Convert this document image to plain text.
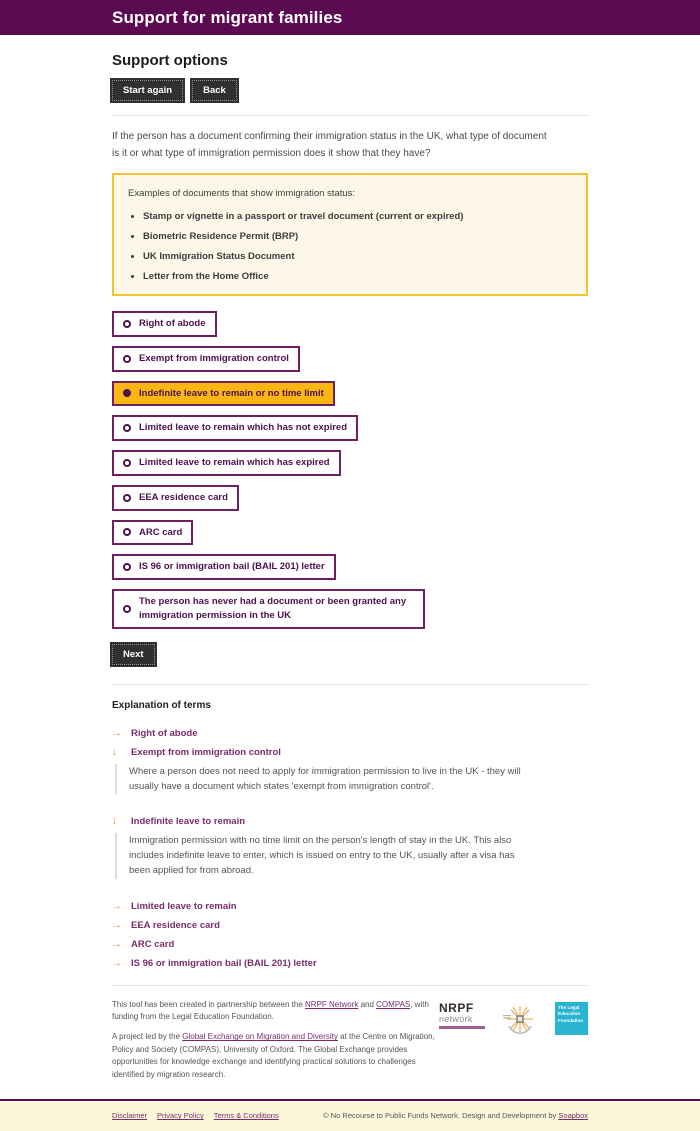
Support for migrant families
Support options
Start again	Back

If the person has a document confirming their immigration status in the UK, what type of document is it or what type of immigration permission does it show that they have?

Examples of documents that show immigration status:

• Stamp or vignette in a passport or travel document (current or expired)
• Biometric Residence Permit (BRP)
• UK Immigration Status Document
• Letter from the Home Office
Right of abode
Exempt from immigration control
Indefinite leave to remain or no time limit
Limited leave to remain which has not expired
Limited leave to remain which has expired
EEA residence card
ARC card
IS 96 or immigration bail (BAIL 201) letter
The person has never had a document or been granted any immigration permission in the UK
Next
Explanation of terms
→ Right of abode
↓	Exempt from immigration control
Where a person does not need to apply for immigration permission to live in the UK - they will usually have a document which states 'exempt from immigration control'.
↓	Indefinite leave to remain
Immigration permission with no time limit on the person's length of stay in the UK. This also includes indefinite leave to enter, which is issued on entry to the UK, usually after a visa has been applied for from abroad.
→ Limited leave to remain
→ EEA residence card
→ ARC card
→ IS 96 or immigration bail (BAIL 201) letter

This tool has been created in partnership between the NRPF Network and COMPAS, with funding from the Legal Education Foundation.

A project led by the Global Exchange on Migration and Diversity at the Centre on Migration, Policy and Society (COMPAS), University of Oxford. The Global Exchange provides opportunities for knowledge exchange and identifying practical solutions to challenges identified by migration research.

NRPF
network
The Legal Education Foundation
Disclaimer Privacy Policy Terms & Conditions	© No Recourse to Public Funds Network. Design and Development by Soapbox
